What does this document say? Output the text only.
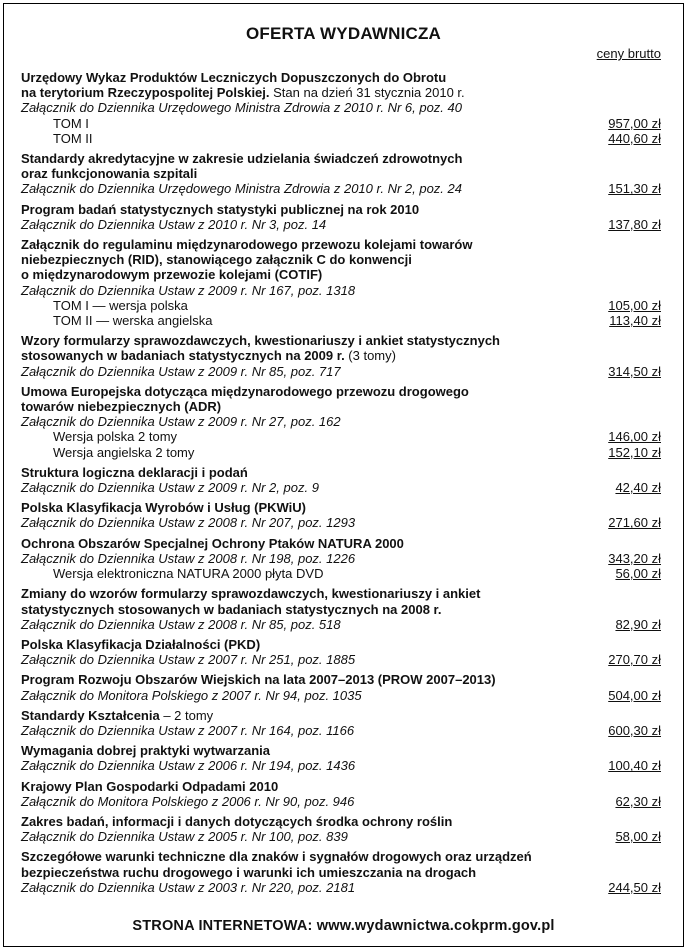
OFERTA WYDAWNICZA
ceny brutto
Urzędowy Wykaz Produktów Leczniczych Dopuszczonych do Obrotu
na terytorium Rzeczypospolitej Polskiej. Stan na dzień 31 stycznia 2010 r.
Załącznik do Dziennika Urzędowego Ministra Zdrowia z 2010 r. Nr 6, poz. 40
TOM I	957,00 zł
TOM II	440,60 zł
Standardy akredytacyjne w zakresie udzielania świadczeń zdrowotnych
oraz funkcjonowania szpitali
Załącznik do Dziennika Urzędowego Ministra Zdrowia z 2010 r. Nr 2, poz. 24	151,30 zł
Program badań statystycznych statystyki publicznej na rok 2010
Załącznik do Dziennika Ustaw z 2010 r. Nr 3, poz. 14	137,80 zł
Załącznik do regulaminu międzynarodowego przewozu kolejami towarów
niebezpiecznych (RID), stanowiącego załącznik C do konwencji
o międzynarodowym przewozie kolejami (COTIF)
Załącznik do Dziennika Ustaw z 2009 r. Nr 167, poz. 1318
TOM I — wersja polska	105,00 zł
TOM II — werska angielska	113,40 zł
Wzory formularzy sprawozdawczych, kwestionariuszy i ankiet statystycznych
stosowanych w badaniach statystycznych na 2009 r. (3 tomy)
Załącznik do Dziennika Ustaw z 2009 r. Nr 85, poz. 717	314,50 zł
Umowa Europejska dotycząca międzynarodowego przewozu drogowego
towarów niebezpiecznych (ADR)
Załącznik do Dziennika Ustaw z 2009 r. Nr 27, poz. 162
Wersja polska 2 tomy	146,00 zł
Wersja angielska 2 tomy	152,10 zł
Struktura logiczna deklaracji i podań
Załącznik do Dziennika Ustaw z 2009 r. Nr 2, poz. 9	42,40 zł
Polska Klasyfikacja Wyrobów i Usług (PKWiU)
Załącznik do Dziennika Ustaw z 2008 r. Nr 207, poz. 1293	271,60 zł
Ochrona Obszarów Specjalnej Ochrony Ptaków NATURA 2000
Załącznik do Dziennika Ustaw z 2008 r. Nr 198, poz. 1226	343,20 zł
Wersja elektroniczna NATURA 2000 płyta DVD	56,00 zł
Zmiany do wzorów formularzy sprawozdawczych, kwestionariuszy i ankiet
statystycznych stosowanych w badaniach statystycznych na 2008 r.
Załącznik do Dziennika Ustaw z 2008 r. Nr 85, poz. 518	82,90 zł
Polska Klasyfikacja Działalności (PKD)
Załącznik do Dziennika Ustaw z 2007 r. Nr 251, poz. 1885	270,70 zł
Program Rozwoju Obszarów Wiejskich na lata 2007–2013 (PROW 2007–2013)
Załącznik do Monitora Polskiego z 2007 r. Nr 94, poz. 1035	504,00 zł
Standardy Kształcenia – 2 tomy
Załącznik do Dziennika Ustaw z 2007 r. Nr 164, poz. 1166	600,30 zł
Wymagania dobrej praktyki wytwarzania
Załącznik do Dziennika Ustaw z 2006 r. Nr 194, poz. 1436	100,40 zł
Krajowy Plan Gospodarki Odpadami 2010
Załącznik do Monitora Polskiego z 2006 r. Nr 90, poz. 946	62,30 zł
Zakres badań, informacji i danych dotyczących środka ochrony roślin
Załącznik do Dziennika Ustaw z 2005 r. Nr 100, poz. 839	58,00 zł
Szczegółowe warunki techniczne dla znaków i sygnałów drogowych oraz urządzeń
bezpieczeństwa ruchu drogowego i warunki ich umieszczania na drogach
Załącznik do Dziennika Ustaw z 2003 r. Nr 220, poz. 2181	244,50 zł
STRONA INTERNETOWA: www.wydawnictwa.cokprm.gov.pl
